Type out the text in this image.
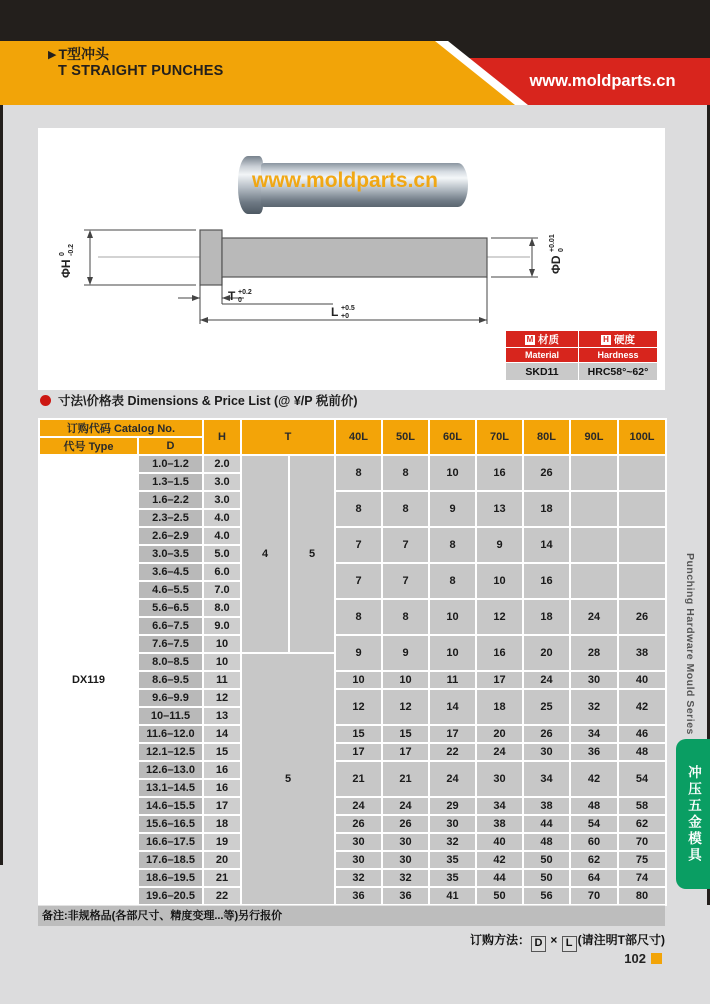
▶ T型冲头
T STRAIGHT PUNCHES
www.moldparts.cn
www.moldparts.cn
ΦH
0 -0.2
ΦD
+0.01 0
T +0.2
0
L +0.5
+0
M 材质	H 硬度
Material	Hardness
SKD11	HRC58°~62°
寸法\价格表 Dimensions & Price List (@ ¥/P 税前价)
订购代码 Catalog No.		H	T		40L	50L	60L	70L	80L	90L	100L
代号 Type	D										
DX119	1.0–1.2	2.0	4	5	8	8	10	16	26		
	1.3–1.5	3.0									
	1.6–2.2	3.0			8	8	9	13	18		
	2.3–2.5	4.0									
	2.6–2.9	4.0			7	7	8	9	14		
	3.0–3.5	5.0									
	3.6–4.5	6.0			7	7	8	10	16		
	4.6–5.5	7.0									
	5.6–6.5	8.0			8	8	10	12	18	24	26
	6.6–7.5	9.0									
	7.6–7.5	10			9	9	10	16	20	28	38
	8.0–8.5	10	5								
	8.6–9.5	11			10	10	11	17	24	30	40
	9.6–9.9	12			12	12	14	18	25	32	42
	10–11.5	13									
	11.6–12.0	14			15	15	17	20	26	34	46
	12.1–12.5	15			17	17	22	24	30	36	48
	12.6–13.0	16			21	21	24	30	34	42	54
	13.1–14.5	16									
	14.6–15.5	17			24	24	29	34	38	48	58
	15.6–16.5	18			26	26	30	38	44	54	62
	16.6–17.5	19			30	30	32	40	48	60	70
	17.6–18.5	20			30	30	35	42	50	62	75
	18.6–19.5	21			32	32	35	44	50	64	74
	19.6–20.5	22			36	36	41	50	56	70	80
备注:非规格品(各部尺寸、精度变理...等)另行报价
订购方法： D × L (请注明T部尺寸)
102
Punching Hardware Mould Series
冲压五金模具
